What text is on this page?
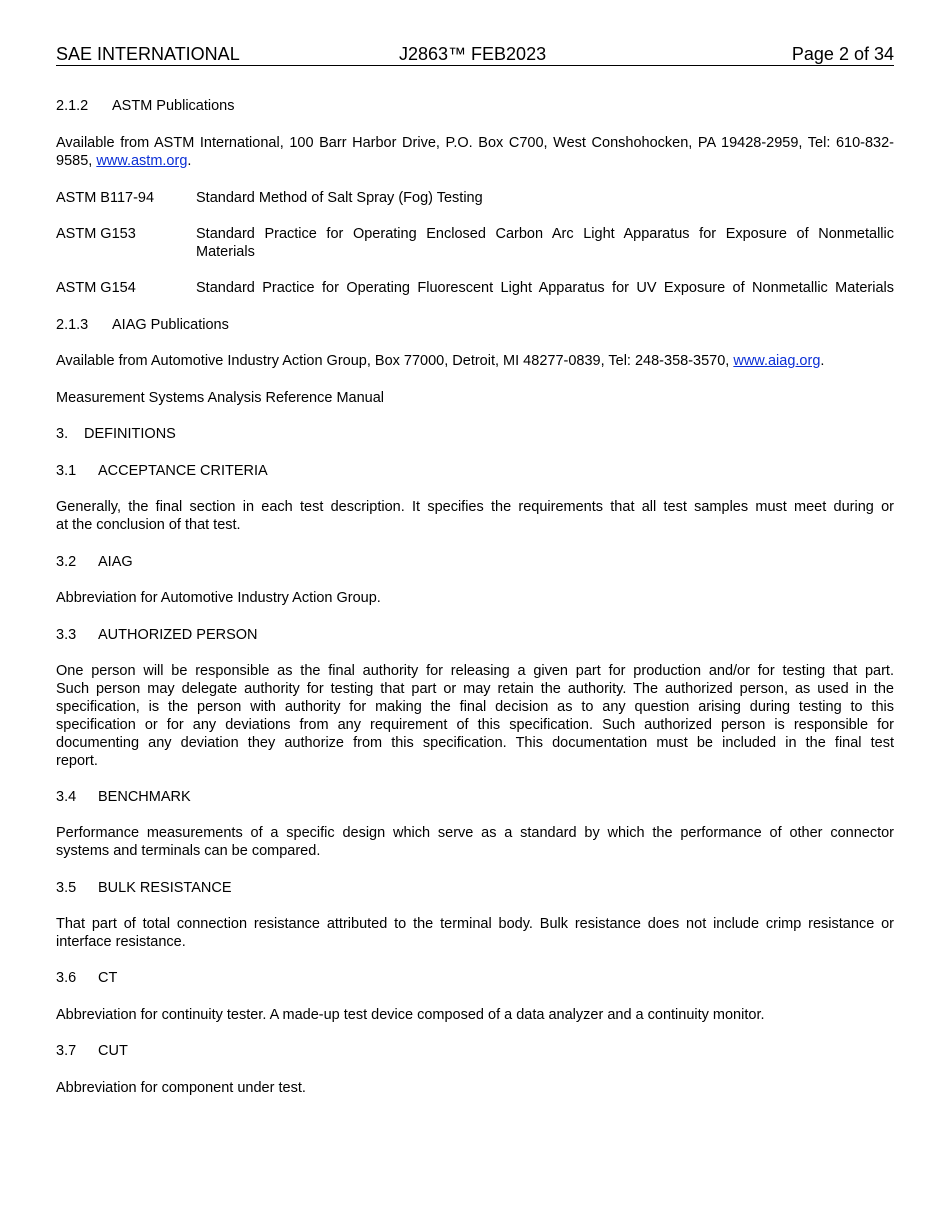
SAE INTERNATIONAL	J2863™ FEB2023	Page 2 of 34
2.1.2 ASTM Publications
Available from ASTM International, 100 Barr Harbor Drive, P.O. Box C700, West Conshohocken, PA 19428-2959, Tel: 610-832-9585, www.astm.org.
ASTM B117-94	Standard Method of Salt Spray (Fog) Testing
ASTM G153	Standard Practice for Operating Enclosed Carbon Arc Light Apparatus for Exposure of Nonmetallic
Materials
ASTM G154	Standard Practice for Operating Fluorescent Light Apparatus for UV Exposure of Nonmetallic Materials
2.1.3 AIAG Publications
Available from Automotive Industry Action Group, Box 77000, Detroit, MI 48277-0839, Tel: 248-358-3570, www.aiag.org.
Measurement Systems Analysis Reference Manual
3. DEFINITIONS
3.1 ACCEPTANCE CRITERIA
Generally, the final section in each test description. It specifies the requirements that all test samples must meet during or
at the conclusion of that test.
3.2 AIAG
Abbreviation for Automotive Industry Action Group.
3.3 AUTHORIZED PERSON
One person will be responsible as the final authority for releasing a given part for production and/or for testing that part.
Such person may delegate authority for testing that part or may retain the authority. The authorized person, as used in the
specification, is the person with authority for making the final decision as to any question arising during testing to this
specification or for any deviations from any requirement of this specification. Such authorized person is responsible for
documenting any deviation they authorize from this specification. This documentation must be included in the final test
report.
3.4 BENCHMARK
Performance measurements of a specific design which serve as a standard by which the performance of other connector
systems and terminals can be compared.
3.5 BULK RESISTANCE
That part of total connection resistance attributed to the terminal body. Bulk resistance does not include crimp resistance or
interface resistance.
3.6 CT
Abbreviation for continuity tester. A made-up test device composed of a data analyzer and a continuity monitor.
3.7 CUT
Abbreviation for component under test.
